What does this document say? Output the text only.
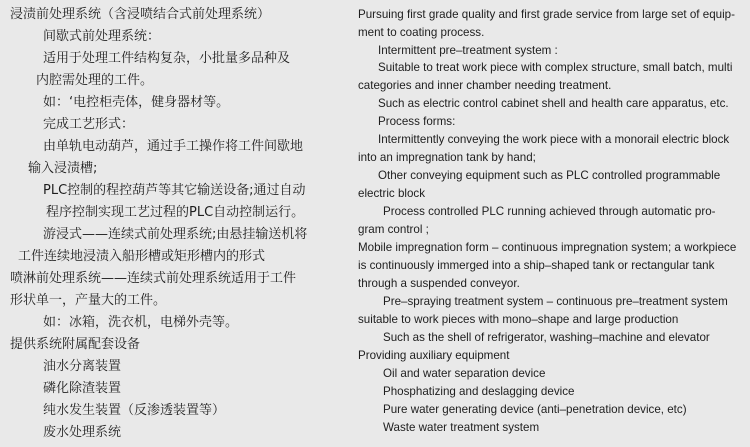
浸渍前处理系统（含浸喷结合式前处理系统）
间歇式前处理系统：
适用于处理工件结构复杂，小批量多品种及
内腔需处理的工件。
如：‘电控柜壳体，健身器材等。
完成工艺形式：
由单轨电动葫芦，通过手工操作将工件间歇地
输入浸渍槽;
PLC控制的程控葫芦等其它输送设备;通过自动
程序控制实现工艺过程的PLC自动控制运行。
游浸式——连续式前处理系统;由悬挂输送机将
工件连续地浸渍入船形槽或矩形槽内的形式
喷淋前处理系统——连续式前处理系统适用于工件
形状单一，产量大的工件。
如：冰箱，洗衣机，电梯外壳等。
提供系统附属配套设备
油水分离装置
磷化除渣装置
纯水发生装置（反渗透装置等）
废水处理系统
Pursuing first grade quality and first grade service from large set of equip-
ment to coating process.
Intermittent pre–treatment system :
Suitable to treat work piece with complex structure, small batch, multi
categories and inner chamber needing treatment.
Such as electric control cabinet shell and health care apparatus, etc.
Process forms:
Intermittently conveying the work piece with a monorail electric block
into an impregnation tank by hand;
Other conveying equipment such as PLC controlled programmable
electric block
Process controlled PLC running achieved through automatic pro-
gram control ;
Mobile impregnation form – continuous impregnation system; a workpiece
is continuously immerged into a ship–shaped tank or rectangular tank
through a suspended conveyor.
Pre–spraying treatment system – continuous pre–treatment system
suitable to work pieces with mono–shape and large production
Such as the shell of refrigerator, washing–machine and elevator
Providing auxiliary equipment
Oil and water separation device
Phosphatizing and deslagging device
Pure water generating device (anti–penetration device, etc)
Waste water treatment system
